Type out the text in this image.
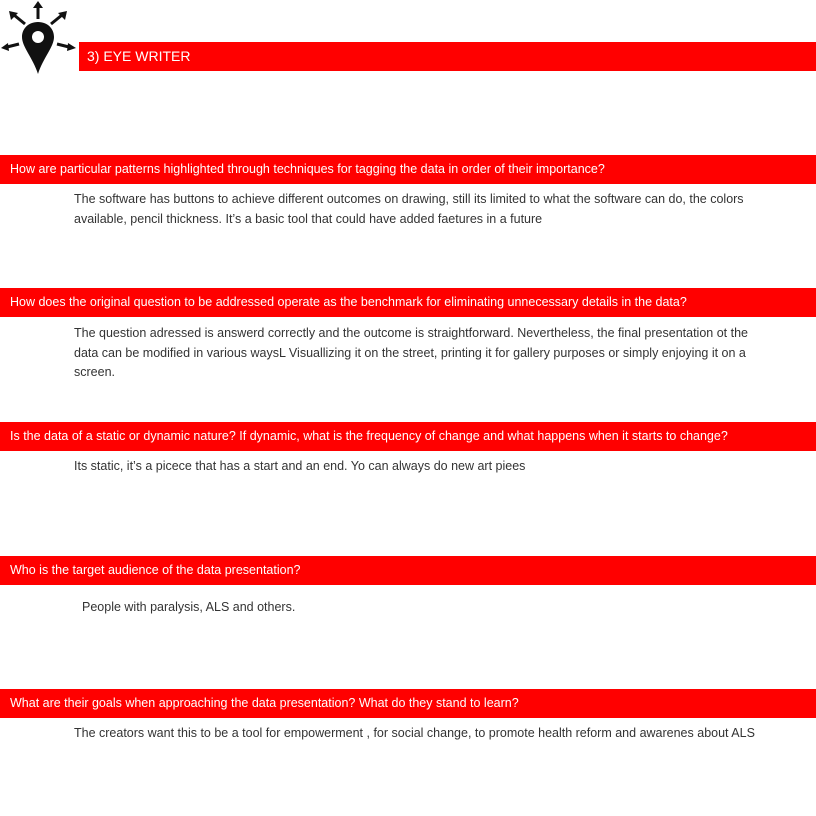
3) EYE WRITER
How are particular patterns highlighted through techniques for tagging the data in order of their importance?
The software has buttons to achieve different outcomes on drawing, still its limited to what the software can do, the colors available, pencil thickness. It’s a basic tool that could have added faetures in a future
How does the original question to be addressed operate as the benchmark for eliminating unnecessary details in the data?
The question adressed is answerd correctly and the outcome is straightforward. Nevertheless, the final presentation ot the data can be modified in various waysL Visuallizing it on the street, printing it for gallery purposes or simply enjoying it on a screen.
Is the data of a static or dynamic nature? If dynamic, what is the frequency of change and what happens when it starts to change?
Its static, it’s a picece that has a start and an end. Yo can always do new art piees
Who is the target audience of the data presentation?
People with paralysis, ALS and others.
What are their goals when approaching the data presentation? What do they stand to learn?
The creators want this to be a tool for empowerment , for social change, to promote health reform and awarenes about ALS
